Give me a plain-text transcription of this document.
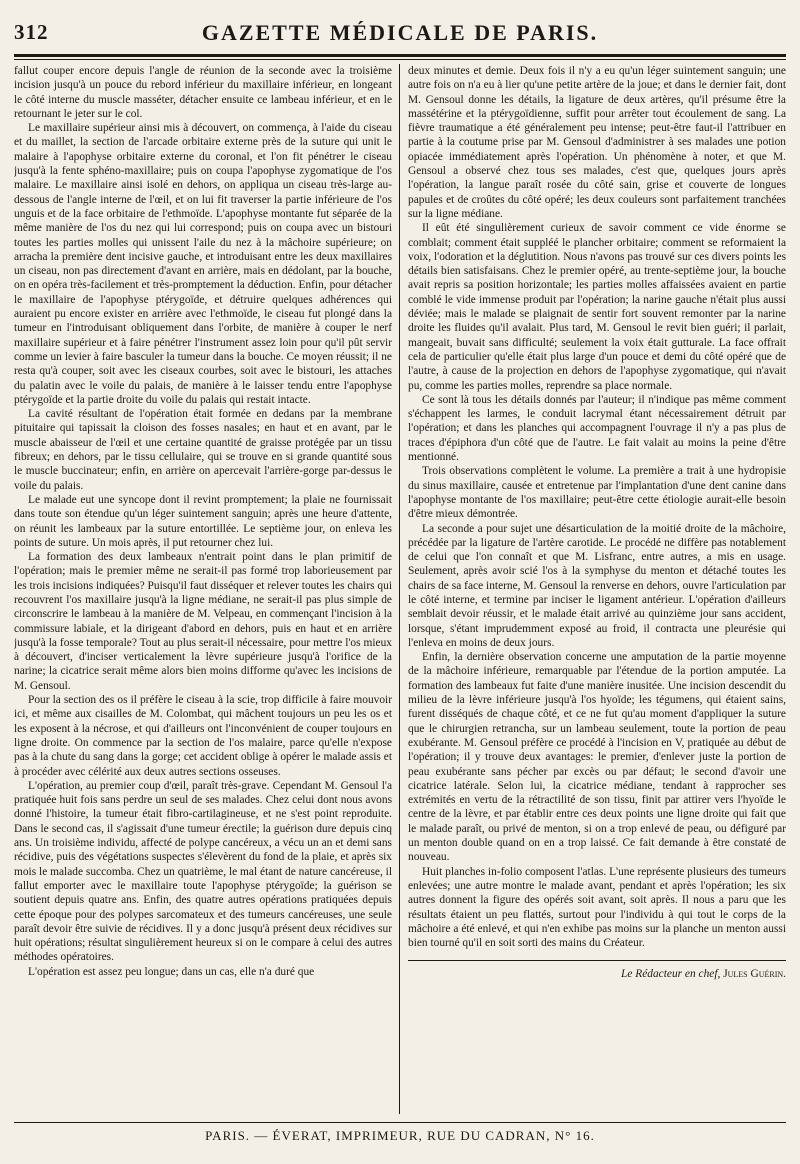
312	GAZETTE MÉDICALE DE PARIS.

fallut couper encore depuis l'angle de réunion de la seconde avec la troisième incision jusqu'à un pouce du rebord inférieur du maxillaire inférieur, en longeant le côté interne du muscle masséter, détacher ensuite ce lambeau inférieur, et en le retournant le jeter sur le col.

Le maxillaire supérieur ainsi mis à découvert, on commença, à l'aide du ciseau et du maillet, la section de l'arcade orbitaire externe près de la suture qui unit le malaire à l'apophyse orbitaire externe du coronal, et l'on fit pénétrer le ciseau jusqu'à la fente sphéno-maxillaire; puis on coupa l'apophyse zygomatique de l'os malaire. Le maxillaire ainsi isolé en dehors, on appliqua un ciseau très-large au-dessous de l'angle interne de l'œil, et on lui fit traverser la partie inférieure de l'os unguis et de la face orbitaire de l'ethmoïde. L'apophyse montante fut séparée de la même manière de l'os du nez qui lui correspond; puis on coupa avec un bistouri toutes les parties molles qui unissent l'aile du nez à la mâchoire supérieure; on arracha la première dent incisive gauche, et introduisant entre les deux maxillaires un ciseau, non pas directement d'avant en arrière, mais en dédolant, par la bouche, on en opéra très-facilement et très-promptement la déduction. Enfin, pour détacher le maxillaire de l'apophyse ptérygoïde, et détruire quelques adhérences qui auraient pu encore exister en arrière avec l'ethmoïde, le ciseau fut plongé dans la tumeur en l'introduisant obliquement dans l'orbite, de manière à couper le nerf maxillaire supérieur et à faire pénétrer l'instrument assez loin pour qu'il pût servir comme un levier à faire basculer la tumeur dans la bouche. Ce moyen réussit; il ne resta qu'à couper, soit avec les ciseaux courbes, soit avec le bistouri, les attaches du palatin avec le voile du palais, de manière à le laisser tendu entre l'apophyse ptérygoïde et la partie droite du voile du palais qui restait intacte.

La cavité résultant de l'opération était formée en dedans par la membrane pituitaire qui tapissait la cloison des fosses nasales; en haut et en avant, par le muscle abaisseur de l'œil et une certaine quantité de graisse protégée par un tissu fibreux; en dehors, par le tissu cellulaire, qui se trouve en si grande quantité sous le muscle buccinateur; enfin, en arrière on apercevait l'arrière-gorge par-dessus le voile du palais.

Le malade eut une syncope dont il revint promptement; la plaie ne fournissait dans toute son étendue qu'un léger suintement sanguin; après une heure d'attente, on réunit les lambeaux par la suture entortillée. Le septième jour, on enleva les points de suture. Un mois après, il put retourner chez lui.

La formation des deux lambeaux n'entrait point dans le plan primitif de l'opération; mais le premier même ne serait-il pas formé trop laborieusement par les trois incisions indiquées? Puisqu'il faut disséquer et relever toutes les chairs qui recouvrent l'os maxillaire jusqu'à la ligne médiane, ne serait-il pas plus simple de circonscrire le lambeau à la manière de M. Velpeau, en commençant l'incision à la commissure labiale, et la dirigeant d'abord en dehors, puis en haut et en arrière jusqu'à la fosse temporale? Tout au plus serait-il nécessaire, pour mettre l'os mieux à découvert, d'inciser verticalement la lèvre supérieure jusqu'à l'orifice de la narine; la cicatrice serait même alors bien moins difforme qu'avec les incisions de M. Gensoul.

Pour la section des os il préfère le ciseau à la scie, trop difficile à faire mouvoir ici, et même aux cisailles de M. Colombat, qui mâchent toujours un peu les os et les exposent à la nécrose, et qui d'ailleurs ont l'inconvénient de couper toujours en ligne droite. On commence par la section de l'os malaire, parce qu'elle n'expose pas à la chute du sang dans la gorge; cet accident oblige à opérer le malade assis et à procéder avec célérité aux deux autres sections osseuses.

L'opération, au premier coup d'œil, paraît très-grave. Cependant M. Gensoul l'a pratiquée huit fois sans perdre un seul de ses malades. Chez celui dont nous avons donné l'histoire, la tumeur était fibro-cartilagineuse, et ne s'est point reproduite. Dans le second cas, il s'agissait d'une tumeur érectile; la guérison dure depuis cinq ans. Un troisième individu, affecté de polype cancéreux, a vécu un an et demi sans récidive, puis des végétations suspectes s'élevèrent du fond de la plaie, et après six mois le malade succomba. Chez un quatrième, le mal étant de nature cancéreuse, il fallut emporter avec le maxillaire toute l'apophyse ptérygoïde; la guérison se soutient depuis quatre ans. Enfin, des quatre autres opérations pratiquées depuis cette époque pour des polypes sarcomateux et des tumeurs cancéreuses, une seule paraît devoir être suivie de récidives. Il y a donc jusqu'à présent deux récidives sur huit opérations; résultat singulièrement heureux si on le compare à celui des autres méthodes opératoires.

L'opération est assez peu longue; dans un cas, elle n'a duré que

deux minutes et demie. Deux fois il n'y a eu qu'un léger suintement sanguin; une autre fois on n'a eu à lier qu'une petite artère de la joue; et dans le dernier fait, dont M. Gensoul donne les détails, la ligature de deux artères, qu'il présume être la massétérine et la ptérygoïdienne, suffit pour arrêter tout écoulement de sang. La fièvre traumatique a été généralement peu intense; peut-être faut-il l'attribuer en partie à la coutume prise par M. Gensoul d'administrer à ses malades une potion opiacée immédiatement après l'opération. Un phénomène à noter, et que M. Gensoul a observé chez tous ses malades, c'est que, quelques jours après l'opération, la langue paraît rosée du côté sain, grise et couverte de longues papules et de croûtes du côté opéré; les deux couleurs sont parfaitement tranchées sur la ligne médiane.

Il eût été singulièrement curieux de savoir comment ce vide énorme se comblait; comment était suppléé le plancher orbitaire; comment se reformaient la voix, l'odoration et la déglutition. Nous n'avons pas trouvé sur ces divers points les détails bien satisfaisans. Chez le premier opéré, au trente-septième jour, la bouche avait repris sa position horizontale; les parties molles affaissées avaient en partie comblé le vide immense produit par l'opération; la narine gauche n'était plus aussi déviée; mais le malade se plaignait de sentir fort souvent remonter par la narine droite les fluides qu'il avalait. Plus tard, M. Gensoul le revit bien guéri; il parlait, mangeait, buvait sans difficulté; seulement la voix était gutturale. La face offrait cela de particulier qu'elle était plus large d'un pouce et demi du côté opéré que de l'autre, à cause de la projection en dehors de l'apophyse zygomatique, qui n'avait pu, comme les parties molles, reprendre sa place normale.

Ce sont là tous les détails donnés par l'auteur; il n'indique pas même comment s'échappent les larmes, le conduit lacrymal étant nécessairement détruit par l'opération; et dans les planches qui accompagnent l'ouvrage il n'y a pas plus de traces d'épiphora d'un côté que de l'autre. Le fait valait au moins la peine d'être mentionné.

Trois observations complètent le volume. La première a trait à une hydropisie du sinus maxillaire, causée et entretenue par l'implantation d'une dent canine dans l'apophyse montante de l'os maxillaire; peut-être cette étiologie aurait-elle besoin d'être mieux démontrée.

La seconde a pour sujet une désarticulation de la moitié droite de la mâchoire, précédée par la ligature de l'artère carotide. Le procédé ne diffère pas notablement de celui que l'on connaît et que M. Lisfranc, entre autres, a mis en usage. Seulement, après avoir scié l'os à la symphyse du menton et détaché toutes les chairs de sa face interne, M. Gensoul la renverse en dehors, ouvre l'articulation par le côté interne, et termine par inciser le ligament antérieur. L'opération d'ailleurs semblait devoir réussir, et le malade était arrivé au quinzième jour sans accident, lorsque, s'étant imprudemment exposé au froid, il contracta une pleurésie qui l'enleva en moins de deux jours.

Enfin, la dernière observation concerne une amputation de la partie moyenne de la mâchoire inférieure, remarquable par l'étendue de la portion amputée. La formation des lambeaux fut faite d'une manière inusitée. Une incision descendit du milieu de la lèvre inférieure jusqu'à l'os hyoïde; les tégumens, qui étaient sains, furent disséqués de chaque côté, et ce ne fut qu'au moment d'appliquer la suture que le chirurgien retrancha, sur un lambeau seulement, toute la portion de peau exubérante. M. Gensoul préfère ce procédé à l'incision en V, pratiquée au début de l'opération; il y trouve deux avantages: le premier, d'enlever juste la portion de peau exubérante sans pécher par excès ou par défaut; le second d'avoir une cicatrice latérale. Selon lui, la cicatrice médiane, tendant à rapprocher ses extrémités en vertu de la rétractilité de son tissu, finit par attirer vers l'hyoïde le centre de la lèvre, et par établir entre ces deux points une ligne droite qui fait que le malade paraît, ou privé de menton, si on a trop enlevé de peau, ou défiguré par un menton double quand on en a trop laissé. Ce fait demande à être constaté de nouveau.

Huit planches in-folio composent l'atlas. L'une représente plusieurs des tumeurs enlevées; une autre montre le malade avant, pendant et après l'opération; les six autres donnent la figure des opérés soit avant, soit après. Il nous a paru que les résultats étaient un peu flattés, surtout pour l'individu à qui tout le corps de la mâchoire a été enlevé, et qui n'en exhibe pas moins sur la planche un menton aussi bien tourné qu'il en soit sorti des mains du Créateur.

Le Rédacteur en chef, Jules Guérin.
PARIS. — ÉVERAT, IMPRIMEUR, RUE DU CADRAN, N° 16.
